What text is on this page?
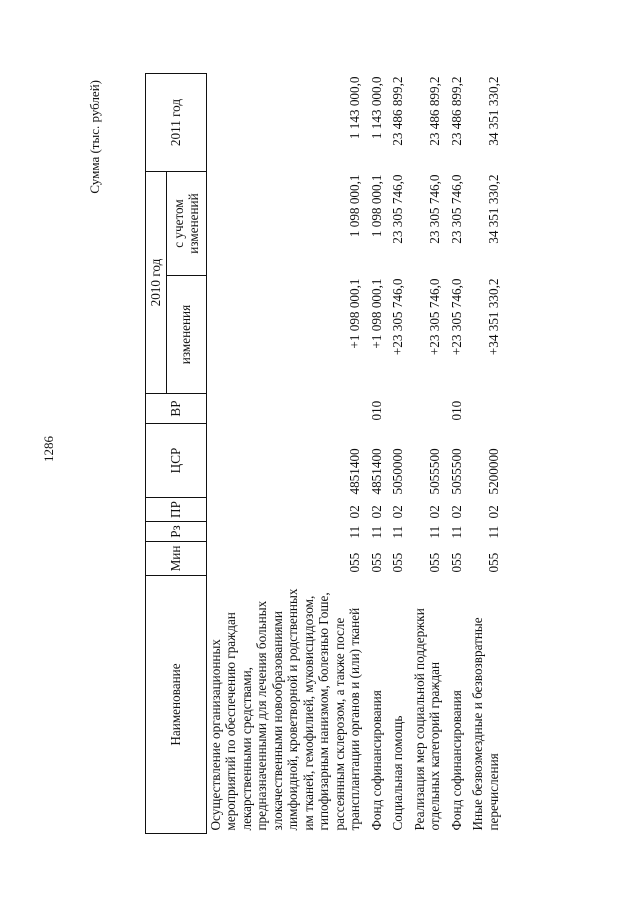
1286
Сумма (тыс. рублей)
Наименование	Мин	Рз	ПР	ЦСР	ВР	2010 год		2011 год
						изменения	с учетом изменений	
Осуществление организационных мероприятий по обеспечению граждан лекарственными средствами, предназначенными для лечения больных злокачественными новообразованиями лимфоидной, кроветворной и родственных им тканей, гемофилией, муковисцидозом, гипофизарным нанизмом, болезнью Гоше, рассеянным склерозом, а также после трансплантации органов и (или) тканей	055	11	02	4851400		+1 098 000,1	1 098 000,1	1 143 000,0
Фонд софинансирования	055	11	02	4851400	010	+1 098 000,1	1 098 000,1	1 143 000,0
Социальная помощь	055	11	02	5050000		+23 305 746,0	23 305 746,0	23 486 899,2
Реализация мер социальной поддержки отдельных категорий граждан	055	11	02	5055500		+23 305 746,0	23 305 746,0	23 486 899,2
Фонд софинансирования	055	11	02	5055500	010	+23 305 746,0	23 305 746,0	23 486 899,2
Иные безвозмездные и безвозвратные перечисления	055	11	02	5200000		+34 351 330,2	34 351 330,2	34 351 330,2
